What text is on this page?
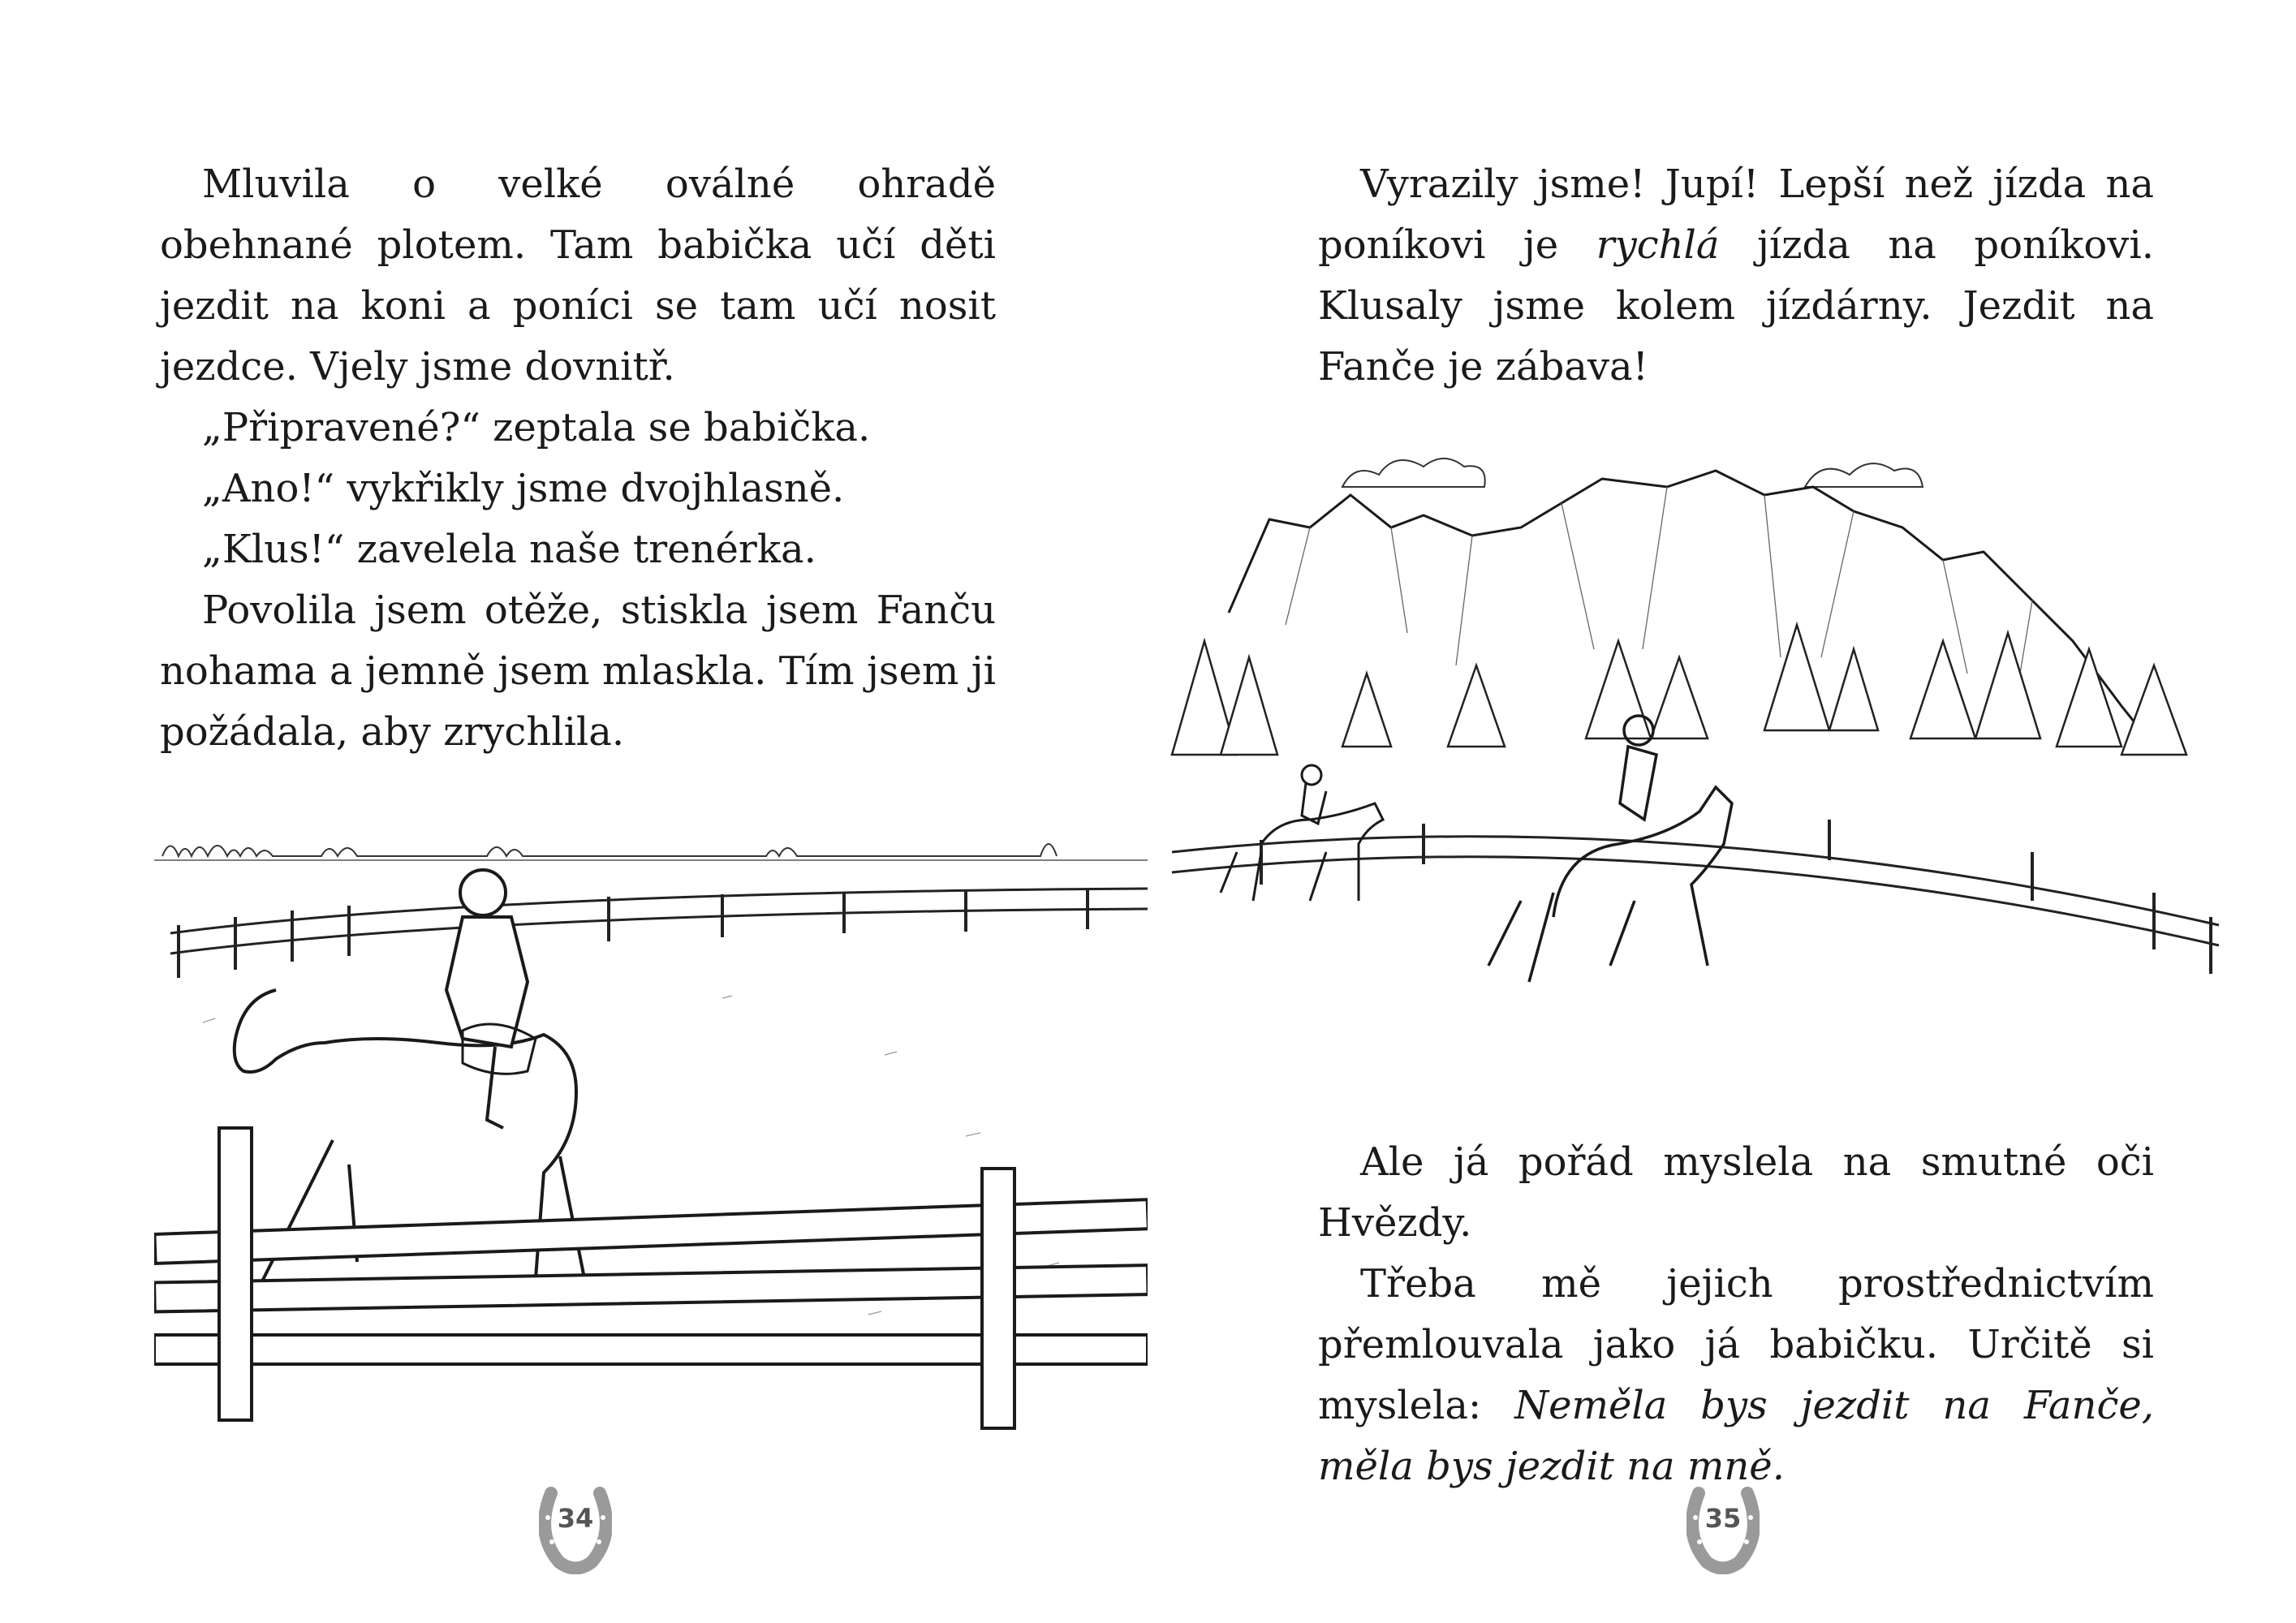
Mluvila o velké oválné ohradě obehnané plotem. Tam babička učí děti jezdit na koni a poníci se tam učí nosit jezdce. Vjely jsme dovnitř.

„Připravené?“ zeptala se babička.

„Ano!“ vykřikly jsme dvojhlasně.

„Klus!“ zavelela naše trenérka.

Povolila jsem otěže, stiskla jsem Fanču nohama a jemně jsem mlaskla. Tím jsem ji požádala, aby zrychlila.

34

Vyrazily jsme! Jupí! Lepší než jízda na poníkovi je rychlá jízda na poníkovi. Klusaly jsme kolem jízdárny. Jezdit na Fanče je zábava!

Ale já pořád myslela na smutné oči Hvězdy.

Třeba mě jejich prostřednictvím přemlouvala jako já babičku. Určitě si myslela: Neměla bys jezdit na Fanče, měla bys jezdit na mně.

35
